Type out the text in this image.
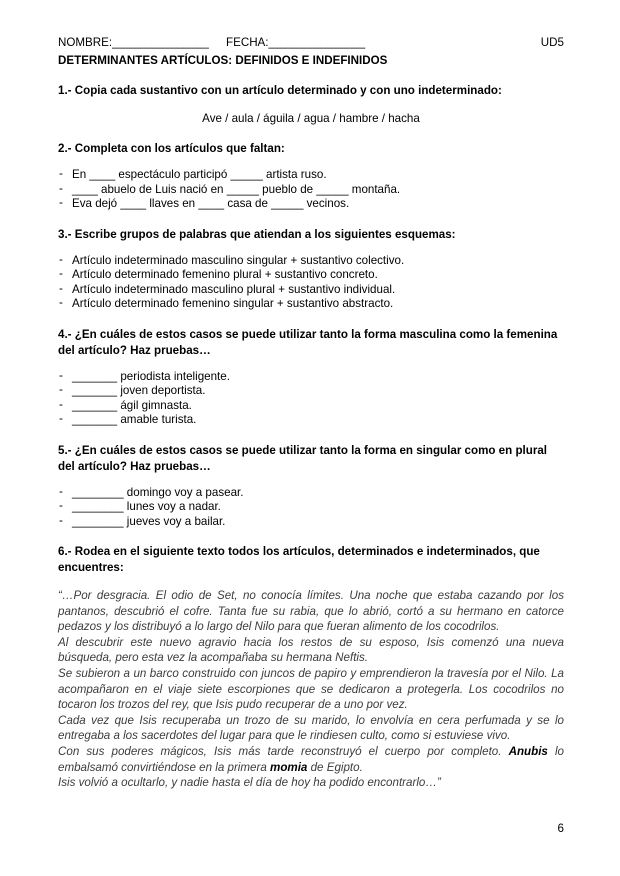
NOMBRE:_______________	FECHA:_______________	UD5
DETERMINANTES ARTÍCULOS: DEFINIDOS E INDEFINIDOS
1.- Copia cada sustantivo con un artículo determinado y con uno indeterminado:
Ave / aula / águila / agua / hambre / hacha
2.- Completa con los artículos que faltan:
- En ____ espectáculo participó _____ artista ruso.
- ____ abuelo de Luis nació en _____ pueblo de _____ montaña.
- Eva dejó ____ llaves en ____ casa de _____ vecinos.
3.- Escribe grupos de palabras que atiendan a los siguientes esquemas:
- Artículo indeterminado masculino singular + sustantivo colectivo.
- Artículo determinado femenino plural + sustantivo concreto.
- Artículo indeterminado masculino plural + sustantivo individual.
- Artículo determinado femenino singular + sustantivo abstracto.
4.- ¿En cuáles de estos casos se puede utilizar tanto la forma masculina como la femenina del artículo? Haz pruebas…
- _______ periodista inteligente.
- _______ joven deportista.
- _______ ágil gimnasta.
- _______ amable turista.
5.- ¿En cuáles de estos casos se puede utilizar tanto la forma en singular como en plural del artículo? Haz pruebas…
- ________ domingo voy a pasear.
- ________ lunes voy a nadar.
- ________ jueves voy a bailar.
6.- Rodea en el siguiente texto todos los artículos, determinados e indeterminados, que encuentres:

“…Por desgracia. El odio de Set, no conocía límites. Una noche que estaba cazando por los pantanos, descubrió el cofre. Tanta fue su rabia, que lo abrió, cortó a su hermano en catorce pedazos y los distribuyó a lo largo del Nilo para que fueran alimento de los cocodrilos.

Al descubrir este nuevo agravio hacia los restos de su esposo, Isis comenzó una nueva búsqueda, pero esta vez la acompañaba su hermana Neftis.

Se subieron a un barco construido con juncos de papiro y emprendieron la travesía por el Nilo. La acompañaron en el viaje siete escorpiones que se dedicaron a protegerla. Los cocodrilos no tocaron los trozos del rey, que Isis pudo recuperar de a uno por vez.

Cada vez que Isis recuperaba un trozo de su marido, lo envolvía en cera perfumada y se lo entregaba a los sacerdotes del lugar para que le rindiesen culto, como si estuviese vivo.

Con sus poderes mágicos, Isis más tarde reconstruyó el cuerpo por completo. Anubis lo embalsamó convirtiéndose en la primera momia de Egipto.

Isis volvió a ocultarlo, y nadie hasta el día de hoy ha podido encontrarlo…”

6
